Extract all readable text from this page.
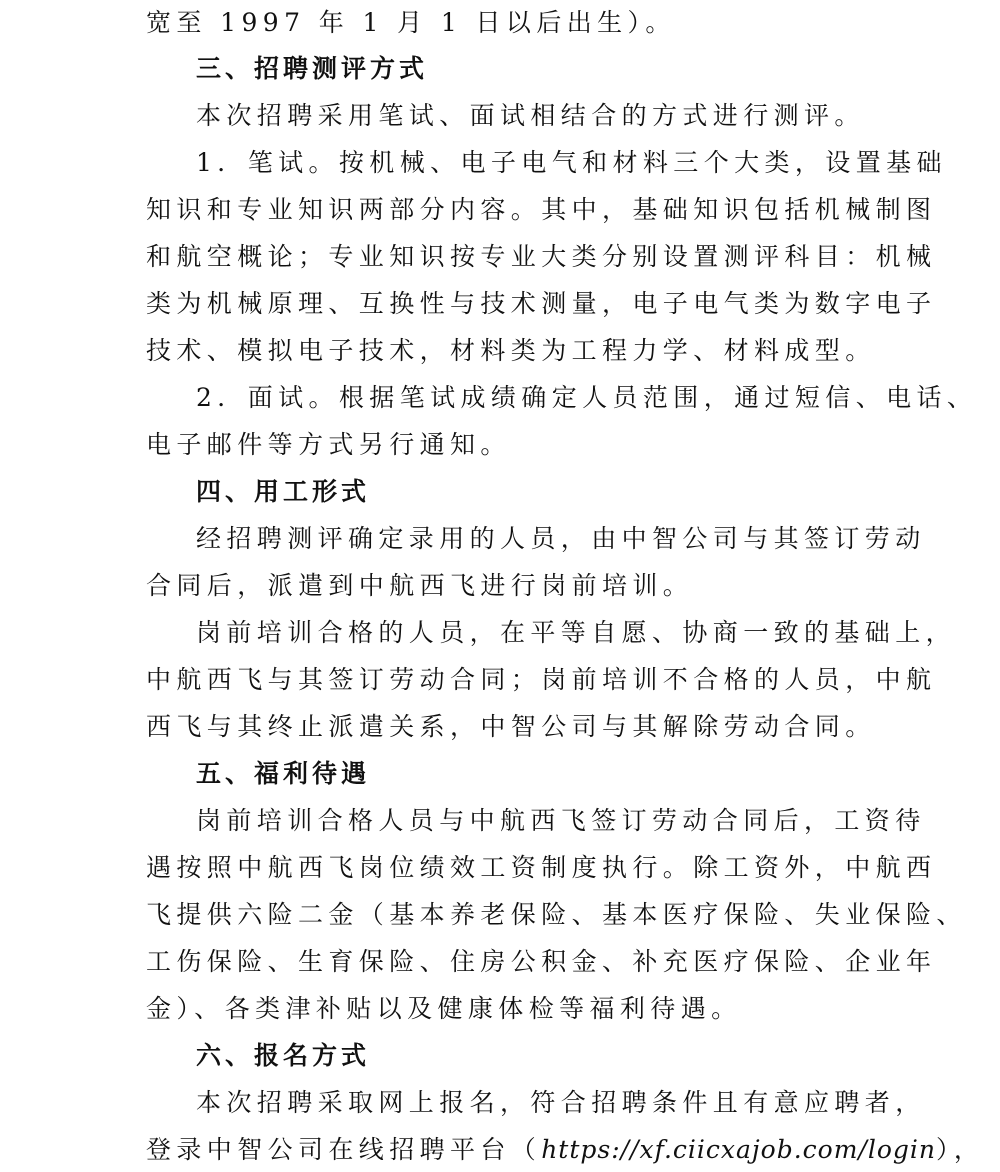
宽至 1997 年 1 月 1 日以后出生）。
三、招聘测评方式
本次招聘采用笔试、面试相结合的方式进行测评。
1．笔试。按机械、电子电气和材料三个大类，设置基础
知识和专业知识两部分内容。其中，基础知识包括机械制图
和航空概论；专业知识按专业大类分别设置测评科目：机械
类为机械原理、互换性与技术测量，电子电气类为数字电子
技术、模拟电子技术，材料类为工程力学、材料成型。
2．面试。根据笔试成绩确定人员范围，通过短信、电话、
电子邮件等方式另行通知。
四、用工形式
经招聘测评确定录用的人员，由中智公司与其签订劳动
合同后，派遣到中航西飞进行岗前培训。
岗前培训合格的人员，在平等自愿、协商一致的基础上，
中航西飞与其签订劳动合同；岗前培训不合格的人员，中航
西飞与其终止派遣关系，中智公司与其解除劳动合同。
五、福利待遇
岗前培训合格人员与中航西飞签订劳动合同后，工资待
遇按照中航西飞岗位绩效工资制度执行。除工资外，中航西
飞提供六险二金（基本养老保险、基本医疗保险、失业保险、
工伤保险、生育保险、住房公积金、补充医疗保险、企业年
金）、各类津补贴以及健康体检等福利待遇。
六、报名方式
本次招聘采取网上报名，符合招聘条件且有意应聘者，
登录中智公司在线招聘平台（https://xf.ciicxajob.com/login），
